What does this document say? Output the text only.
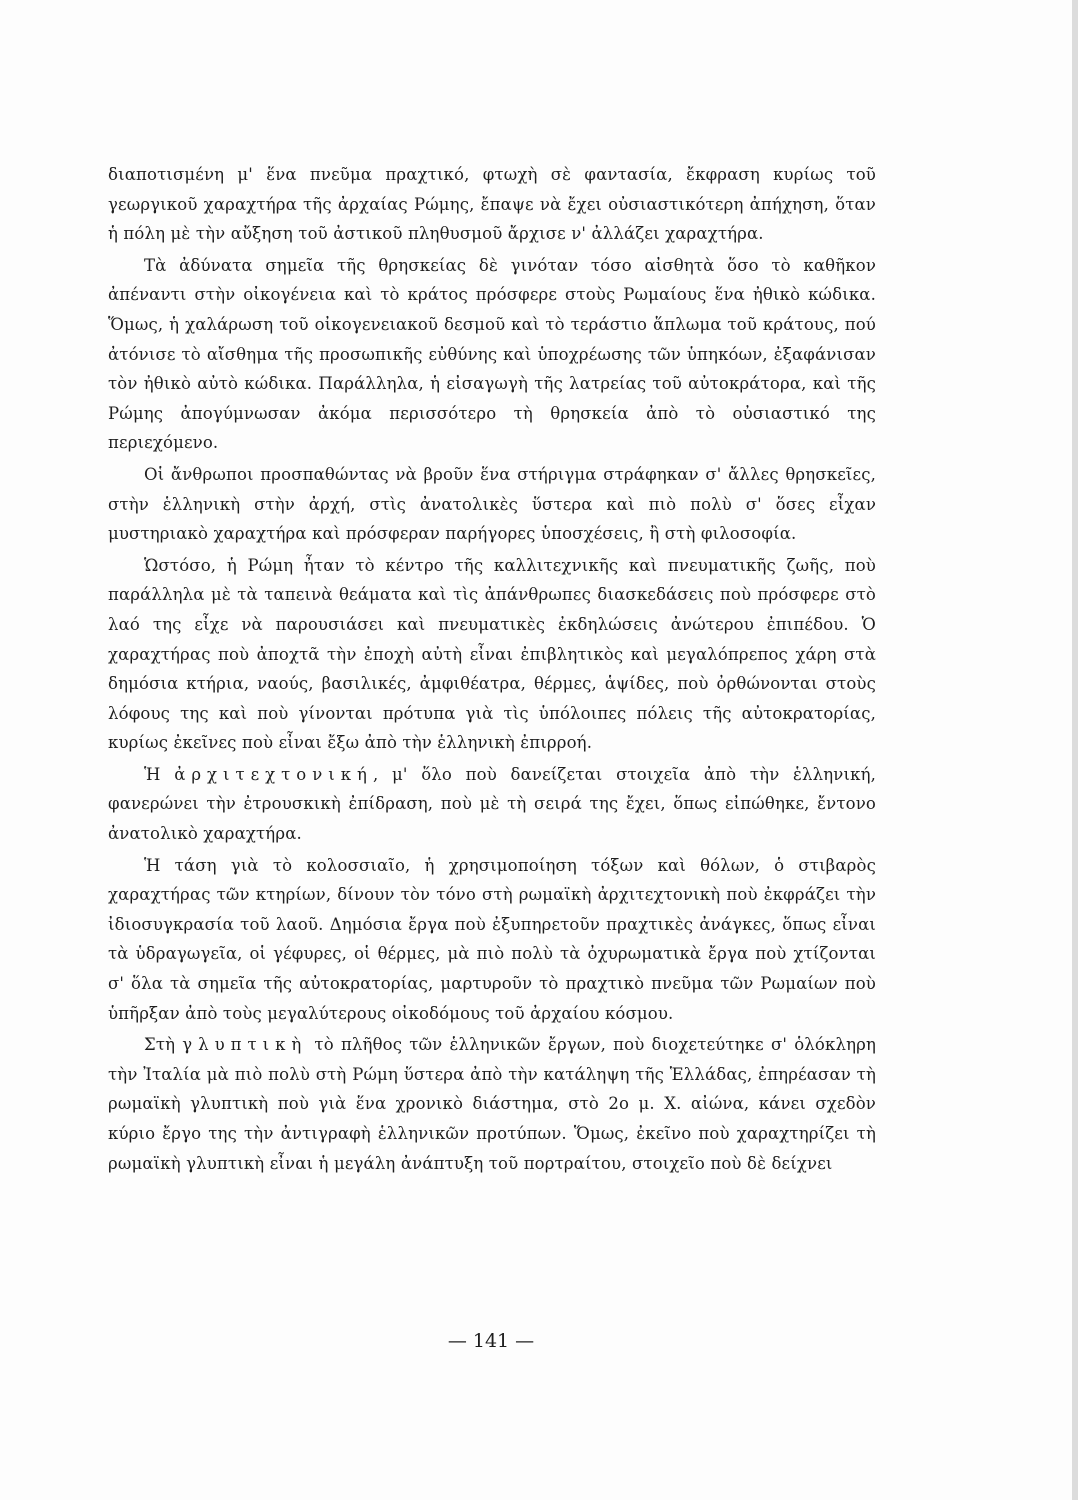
διαποτισμένη μ' ἕνα πνεῦμα πραχτικό, φτωχὴ σὲ φαντασία, ἔκφραση κυρίως τοῦ γεωργικοῦ χαραχτήρα τῆς ἀρχαίας Ρώμης, ἔπαψε νὰ ἔχει οὐσιαστικότερη ἀπήχηση, ὅταν ἡ πόλη μὲ τὴν αὔξηση τοῦ ἀστικοῦ πληθυσμοῦ ἄρχισε ν' ἀλλάζει χαραχτήρα.

Τὰ ἀδύνατα σημεῖα τῆς θρησκείας δὲ γινόταν τόσο αἰσθητὰ ὅσο τὸ καθῆκον ἀπέναντι στὴν οἰκογένεια καὶ τὸ κράτος πρόσφερε στοὺς Ρωμαίους ἕνα ἠθικὸ κώδικα. Ὅμως, ἡ χαλάρωση τοῦ οἰκογενειακοῦ δεσμοῦ καὶ τὸ τεράστιο ἅπλωμα τοῦ κράτους, πού ἀτόνισε τὸ αἴσθημα τῆς προσωπικῆς εὐθύνης καὶ ὑποχρέωσης τῶν ὑπηκόων, ἐξαφάνισαν τὸν ἠθικὸ αὐτὸ κώδικα. Παράλληλα, ἡ εἰσαγωγὴ τῆς λατρείας τοῦ αὐτοκράτορα, καὶ τῆς Ρώμης ἀπογύμνωσαν ἀκόμα περισσότερο τὴ θρησκεία ἀπὸ τὸ οὐσιαστικό της περιεχόμενο.

Οἱ ἄνθρωποι προσπαθώντας νὰ βροῦν ἕνα στήριγμα στράφηκαν σ' ἄλλες θρησκεῖες, στὴν ἑλληνικὴ στὴν ἀρχή, στὶς ἀνατολικὲς ὕστερα καὶ πιὸ πολὺ σ' ὅσες εἶχαν μυστηριακὸ χαραχτήρα καὶ πρόσφεραν παρήγορες ὑποσχέσεις, ἢ στὴ φιλοσοφία.

Ὡστόσο, ἡ Ρώμη ἦταν τὸ κέντρο τῆς καλλιτεχνικῆς καὶ πνευματικῆς ζωῆς, ποὺ παράλληλα μὲ τὰ ταπεινὰ θεάματα καὶ τὶς ἀπάνθρωπες διασκεδάσεις ποὺ πρόσφερε στὸ λαό της εἶχε νὰ παρουσιάσει καὶ πνευματικὲς ἐκδηλώσεις ἀνώτερου ἐπιπέδου. Ὁ χαραχτήρας ποὺ ἀποχτᾶ τὴν ἐποχὴ αὐτὴ εἶναι ἐπιβλητικὸς καὶ μεγαλόπρεπος χάρη στὰ δημόσια κτήρια, ναούς, βασιλικές, ἀμφιθέατρα, θέρμες, ἁψίδες, ποὺ ὀρθώνονται στοὺς λόφους της καὶ ποὺ γίνονται πρότυπα γιὰ τὶς ὑπόλοιπες πόλεις τῆς αὐτοκρατορίας, κυρίως ἐκεῖνες ποὺ εἶναι ἔξω ἀπὸ τὴν ἑλληνικὴ ἐπιρροή.

Ἡ ἀρχιτεχτονική, μ' ὅλο ποὺ δανείζεται στοιχεῖα ἀπὸ τὴν ἑλληνική, φανερώνει τὴν ἐτρουσκικὴ ἐπίδραση, ποὺ μὲ τὴ σειρά της ἔχει, ὅπως εἰπώθηκε, ἔντονο ἀνατολικὸ χαραχτήρα.

Ἡ τάση γιὰ τὸ κολοσσιαῖο, ἡ χρησιμοποίηση τόξων καὶ θόλων, ὁ στιβαρὸς χαραχτήρας τῶν κτηρίων, δίνουν τὸν τόνο στὴ ρωμαϊκὴ ἀρχιτεχτονικὴ ποὺ ἐκφράζει τὴν ἰδιοσυγκρασία τοῦ λαοῦ. Δημόσια ἔργα ποὺ ἐξυπηρετοῦν πραχτικὲς ἀνάγκες, ὅπως εἶναι τὰ ὑδραγωγεῖα, οἱ γέφυρες, οἱ θέρμες, μὰ πιὸ πολὺ τὰ ὀχυρωματικὰ ἔργα ποὺ χτίζονται σ' ὅλα τὰ σημεῖα τῆς αὐτοκρατορίας, μαρτυροῦν τὸ πραχτικὸ πνεῦμα τῶν Ρωμαίων ποὺ ὑπῆρξαν ἀπὸ τοὺς μεγαλύτερους οἰκοδόμους τοῦ ἀρχαίου κόσμου.

Στὴ γλυπτικὴ τὸ πλῆθος τῶν ἑλληνικῶν ἔργων, ποὺ διοχετεύτηκε σ' ὁλόκληρη τὴν Ἰταλία μὰ πιὸ πολὺ στὴ Ρώμη ὕστερα ἀπὸ τὴν κατάληψη τῆς Ἑλλάδας, ἐπηρέασαν τὴ ρωμαϊκὴ γλυπτικὴ ποὺ γιὰ ἕνα χρονικὸ διάστημα, στὸ 2ο μ. Χ. αἰώνα, κάνει σχεδὸν κύριο ἔργο της τὴν ἀντιγραφὴ ἑλληνικῶν προτύπων. Ὅμως, ἐκεῖνο ποὺ χαραχτηρίζει τὴ ρωμαϊκὴ γλυπτικὴ εἶναι ἡ μεγάλη ἀνάπτυξη τοῦ πορτραίτου, στοιχεῖο ποὺ δὲ δείχνει

— 141 —
